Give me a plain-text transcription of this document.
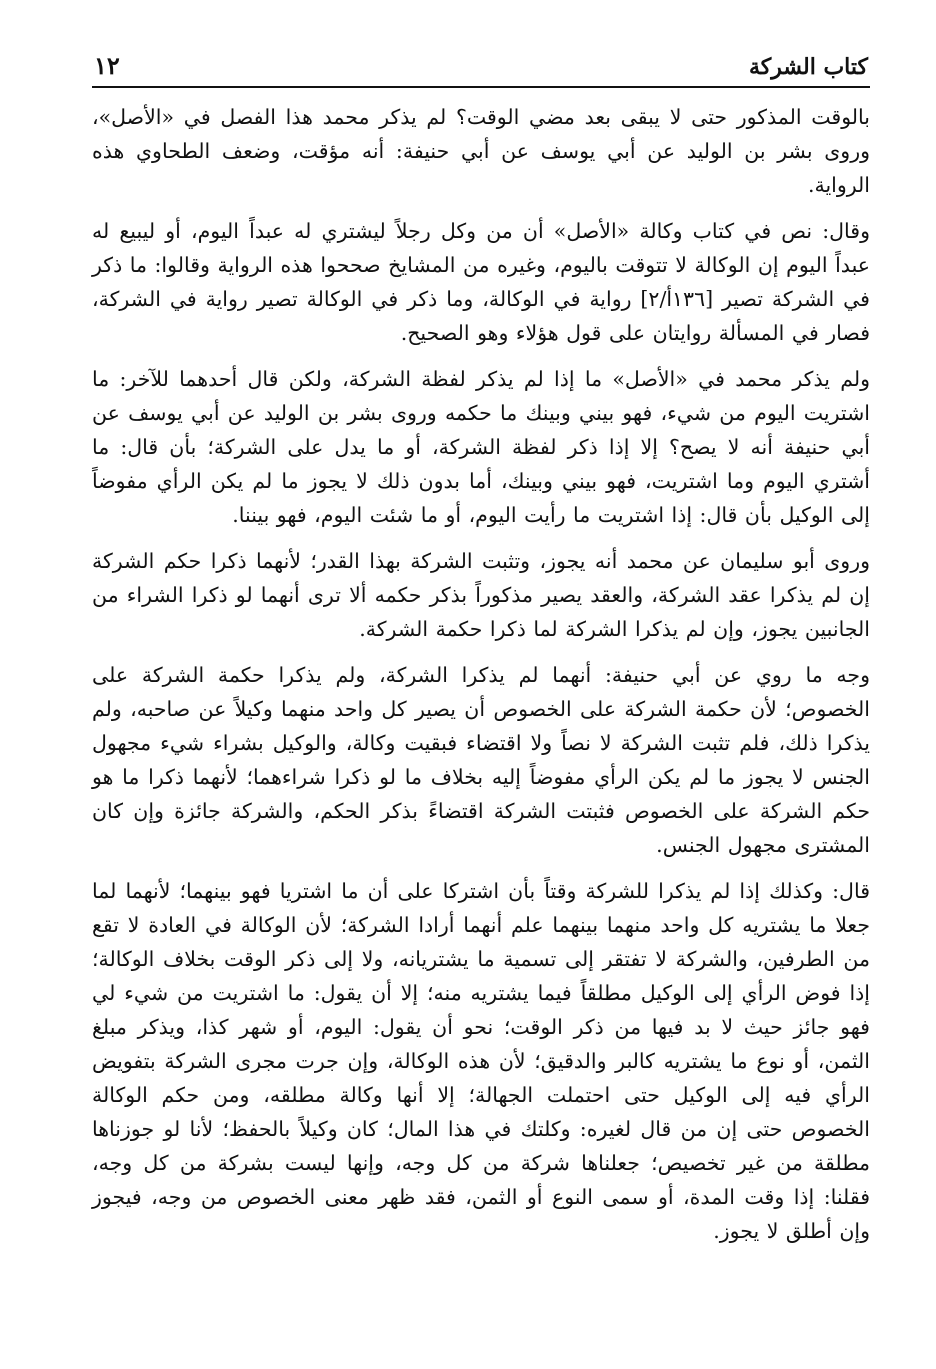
كتاب الشركة
١٢

بالوقت المذكور حتى لا يبقى بعد مضي الوقت؟ لم يذكر محمد هذا الفصل في «الأصل»، وروى بشر بن الوليد عن أبي يوسف عن أبي حنيفة: أنه مؤقت، وضعف الطحاوي هذه الرواية.

وقال: نص في كتاب وكالة «الأصل» أن من وكل رجلاً ليشتري له عبداً اليوم، أو ليبيع له عبداً اليوم إن الوكالة لا تتوقت باليوم، وغيره من المشايخ صححوا هذه الرواية وقالوا: ما ذكر في الشركة تصير [١٣٦أ/٢] رواية في الوكالة، وما ذكر في الوكالة تصير رواية في الشركة، فصار في المسألة روايتان على قول هؤلاء وهو الصحيح.

ولم يذكر محمد في «الأصل» ما إذا لم يذكر لفظة الشركة، ولكن قال أحدهما للآخر: ما اشتريت اليوم من شيء، فهو بيني وبينك ما حكمه وروى بشر بن الوليد عن أبي يوسف عن أبي حنيفة أنه لا يصح؟ إلا إذا ذكر لفظة الشركة، أو ما يدل على الشركة؛ بأن قال: ما أشتري اليوم وما اشتريت، فهو بيني وبينك، أما بدون ذلك لا يجوز ما لم يكن الرأي مفوضاً إلى الوكيل بأن قال: إذا اشتريت ما رأيت اليوم، أو ما شئت اليوم، فهو بيننا.

وروى أبو سليمان عن محمد أنه يجوز، وتثبت الشركة بهذا القدر؛ لأنهما ذكرا حكم الشركة إن لم يذكرا عقد الشركة، والعقد يصير مذكوراً بذكر حكمه ألا ترى أنهما لو ذكرا الشراء من الجانبين يجوز، وإن لم يذكرا الشركة لما ذكرا حكمة الشركة.

وجه ما روي عن أبي حنيفة: أنهما لم يذكرا الشركة، ولم يذكرا حكمة الشركة على الخصوص؛ لأن حكمة الشركة على الخصوص أن يصير كل واحد منهما وكيلاً عن صاحبه، ولم يذكرا ذلك، فلم تثبت الشركة لا نصاً ولا اقتضاء فبقيت وكالة، والوكيل بشراء شيء مجهول الجنس لا يجوز ما لم يكن الرأي مفوضاً إليه بخلاف ما لو ذكرا شراءهما؛ لأنهما ذكرا ما هو حكم الشركة على الخصوص فثبتت الشركة اقتضاءً بذكر الحكم، والشركة جائزة وإن كان المشترى مجهول الجنس.

قال: وكذلك إذا لم يذكرا للشركة وقتاً بأن اشتركا على أن ما اشتريا فهو بينهما؛ لأنهما لما جعلا ما يشتريه كل واحد منهما بينهما علم أنهما أرادا الشركة؛ لأن الوكالة في العادة لا تقع من الطرفين، والشركة لا تفتقر إلى تسمية ما يشتريانه، ولا إلى ذكر الوقت بخلاف الوكالة؛ إذا فوض الرأي إلى الوكيل مطلقاً فيما يشتريه منه؛ إلا أن يقول: ما اشتريت من شيء لي فهو جائز حيث لا بد فيها من ذكر الوقت؛ نحو أن يقول: اليوم، أو شهر كذا، ويذكر مبلغ الثمن، أو نوع ما يشتريه كالبر والدقيق؛ لأن هذه الوكالة، وإن جرت مجرى الشركة بتفويض الرأي فيه إلى الوكيل حتى احتملت الجهالة؛ إلا أنها وكالة مطلقه، ومن حكم الوكالة الخصوص حتى إن من قال لغيره: وكلتك في هذا المال؛ كان وكيلاً بالحفظ؛ لأنا لو جوزناها مطلقة من غير تخصيص؛ جعلناها شركة من كل وجه، وإنها ليست بشركة من كل وجه، فقلنا: إذا وقت المدة، أو سمى النوع أو الثمن، فقد ظهر معنى الخصوص من وجه، فيجوز وإن أطلق لا يجوز.
